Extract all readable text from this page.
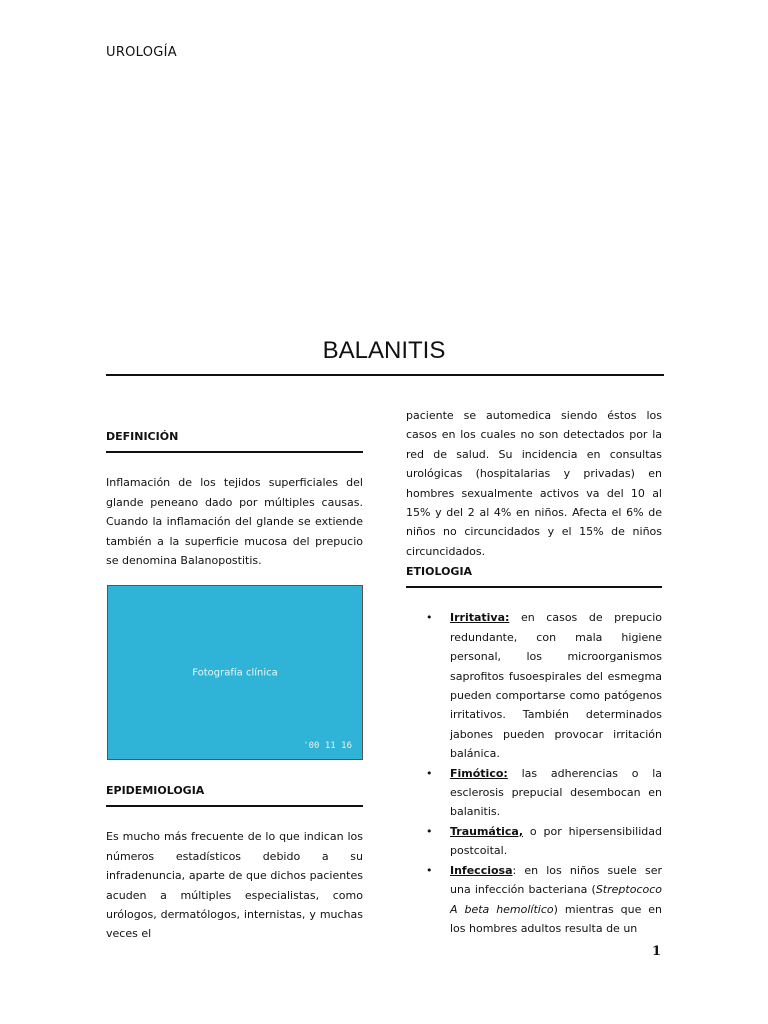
UROLOGÍA
BALANITIS
DEFINICIÓN
Inflamación de los tejidos superficiales del glande peneano dado por múltiples causas. Cuando la inflamación del glande se extiende también a la superficie mucosa del prepucio se denomina Balanopostitis.
Fotografía clínica
'00 11 16
EPIDEMIOLOGIA
Es mucho más frecuente de lo que indican los números estadísticos debido a su infradenuncia, aparte de que dichos pacientes acuden a múltiples especialistas, como urólogos, dermatólogos, internistas, y muchas veces el
paciente se automedica siendo éstos los casos en los cuales no son detectados por la red de salud. Su incidencia en consultas urológicas (hospitalarias y privadas) en hombres sexualmente activos va del 10 al 15% y del 2 al 4% en niños. Afecta el 6% de niños no circuncidados y el 15% de niños circuncidados.
ETIOLOGIA
• Irritativa: en casos de prepucio redundante, con mala higiene personal, los microorganismos saprofitos fusoespirales del esmegma pueden comportarse como patógenos irritativos. También determinados jabones pueden provocar irritación balánica.
• Fimótico: las adherencias o la esclerosis prepucial desembocan en balanitis.
• Traumática, o por hipersensibilidad postcoital.
• Infecciosa: en los niños suele ser una infección bacteriana (Streptococo A beta hemolítico) mientras que en los hombres adultos resulta de un
1
